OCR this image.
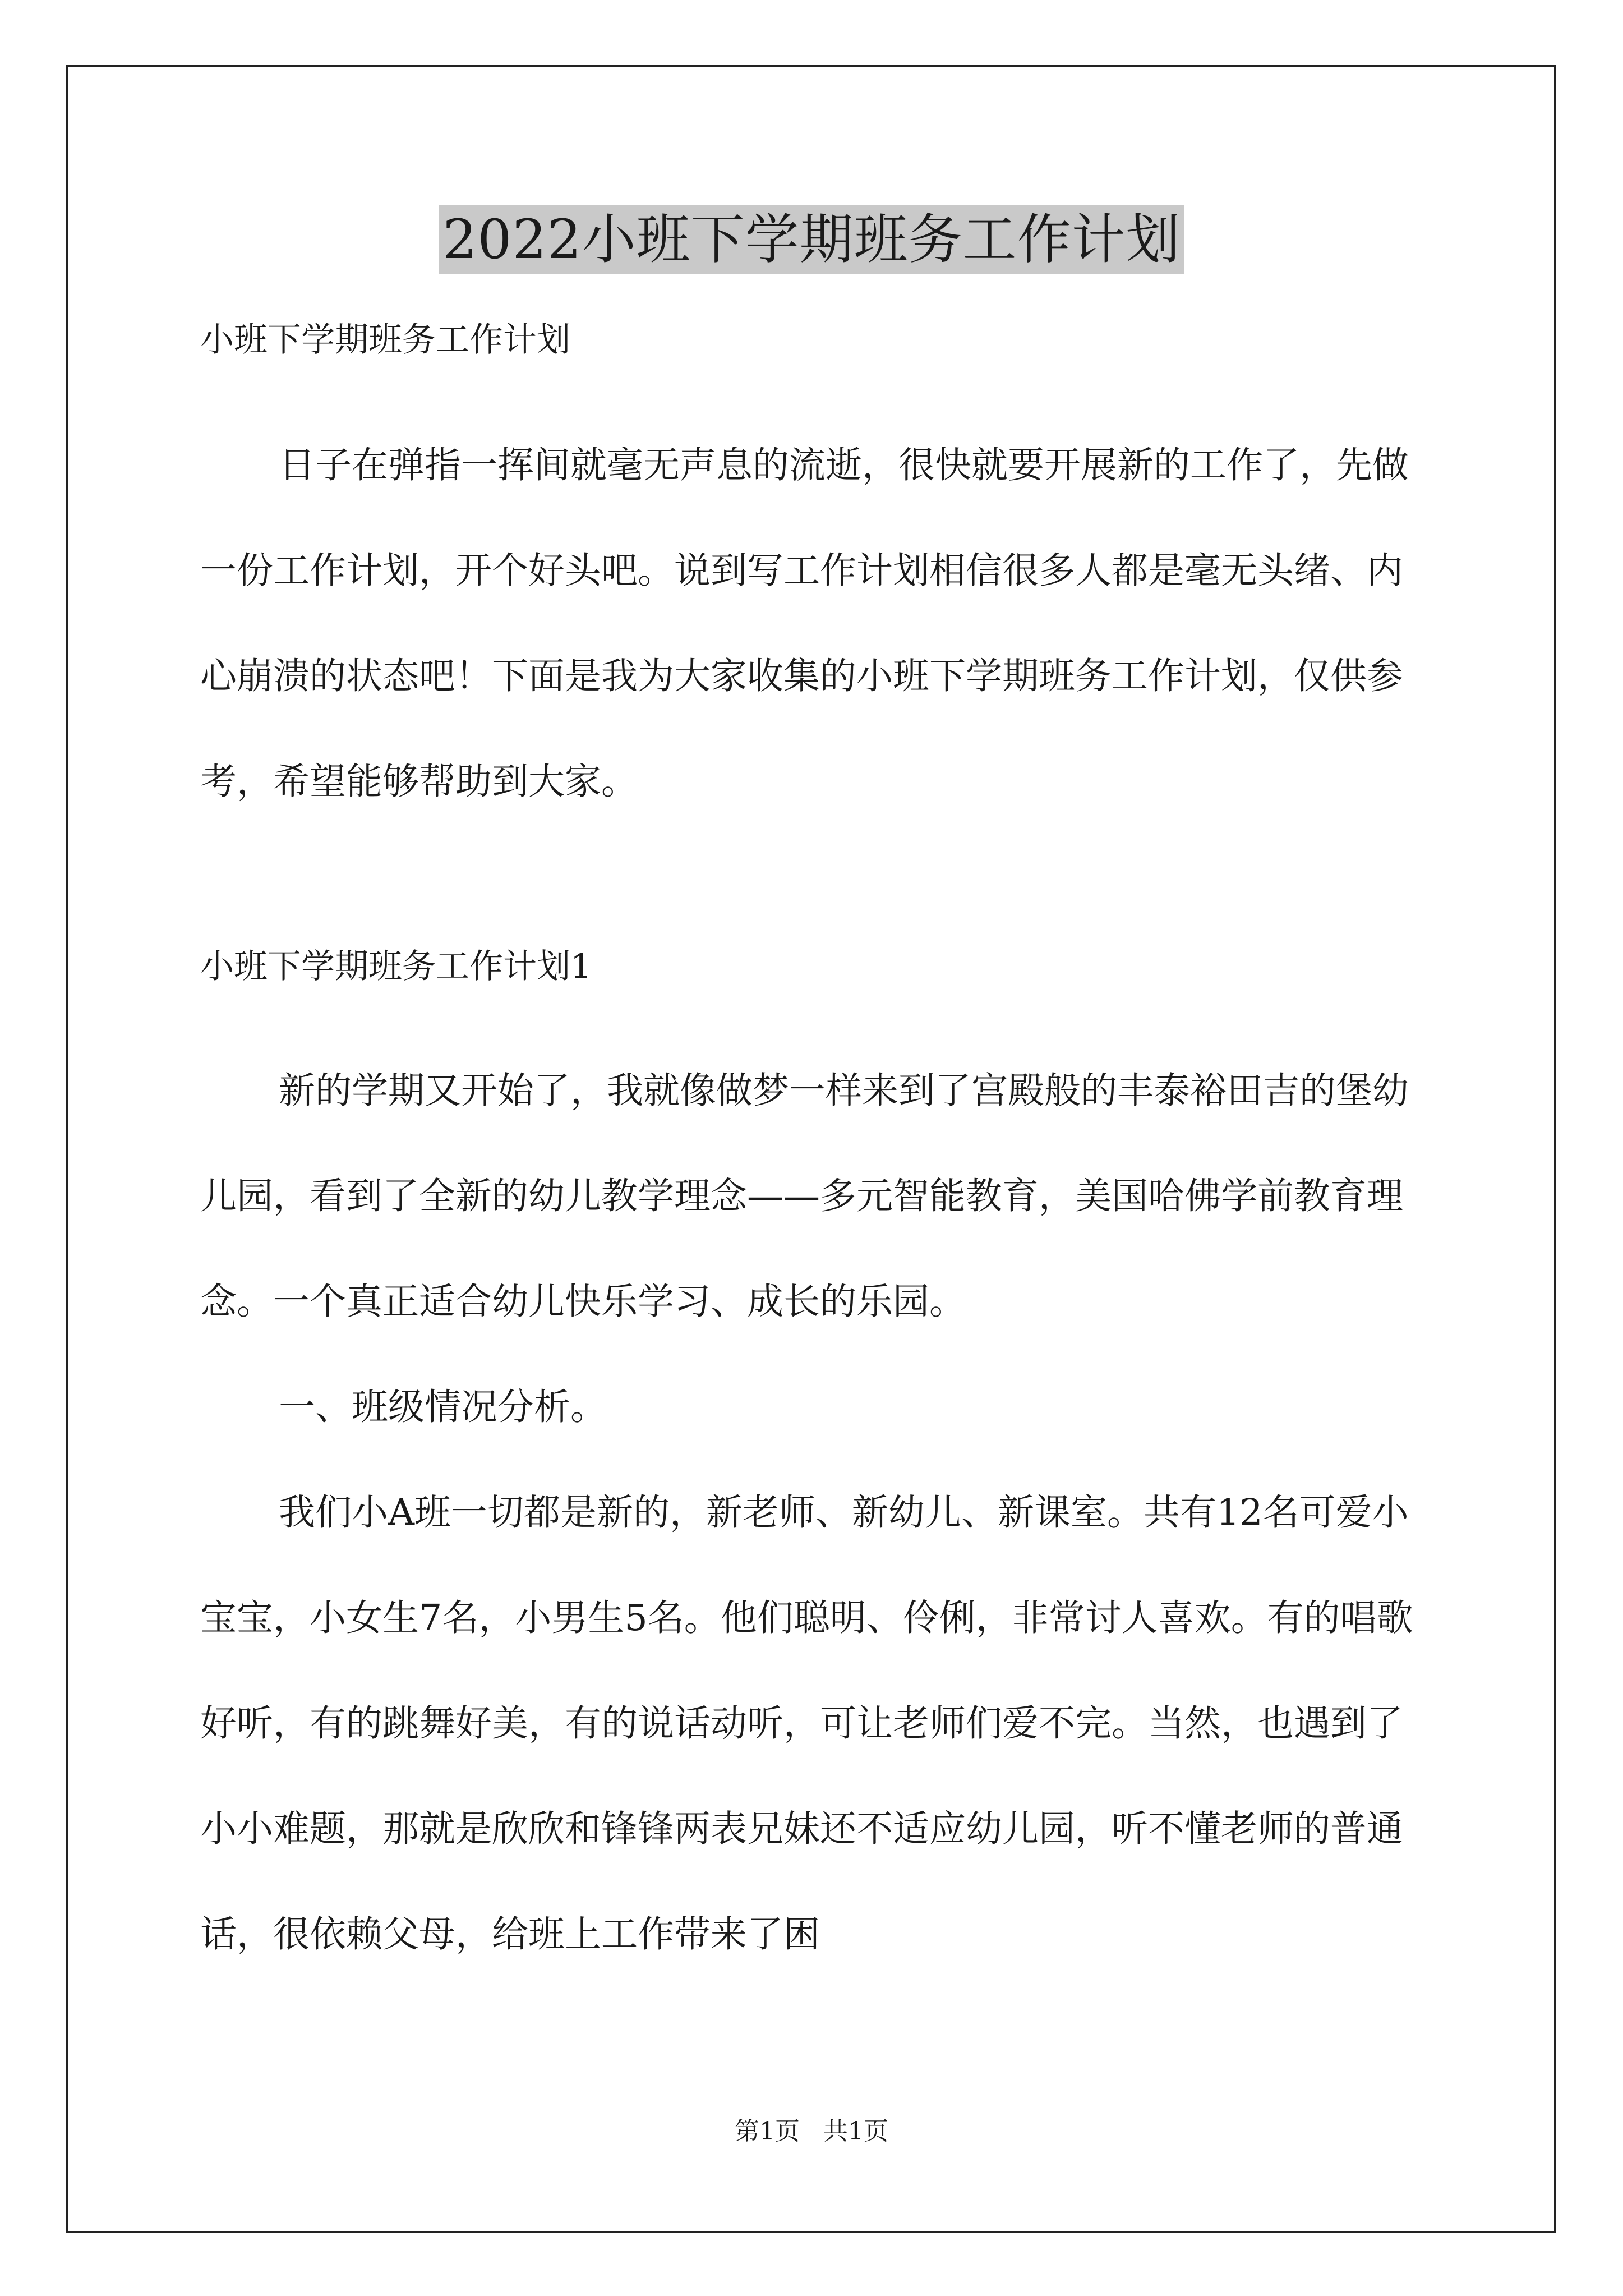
2022小班下学期班务工作计划

小班下学期班务工作计划

日子在弹指一挥间就毫无声息的流逝，很快就要开展新的工作了，先做一份工作计划，开个好头吧。说到写工作计划相信很多人都是毫无头绪、内心崩溃的状态吧！下面是我为大家收集的小班下学期班务工作计划，仅供参考，希望能够帮助到大家。

小班下学期班务工作计划1

新的学期又开始了，我就像做梦一样来到了宫殿般的丰泰裕田吉的堡幼儿园，看到了全新的幼儿教学理念——多元智能教育，美国哈佛学前教育理念。一个真正适合幼儿快乐学习、成长的乐园。

一、班级情况分析。

我们小A班一切都是新的，新老师、新幼儿、新课室。共有12名可爱小宝宝，小女生7名，小男生5名。他们聪明、伶俐，非常讨人喜欢。有的唱歌好听，有的跳舞好美，有的说话动听，可让老师们爱不完。当然，也遇到了小小难题，那就是欣欣和锋锋两表兄妹还不适应幼儿园，听不懂老师的普通话，很依赖父母，给班上工作带来了困

第1页   共1页
